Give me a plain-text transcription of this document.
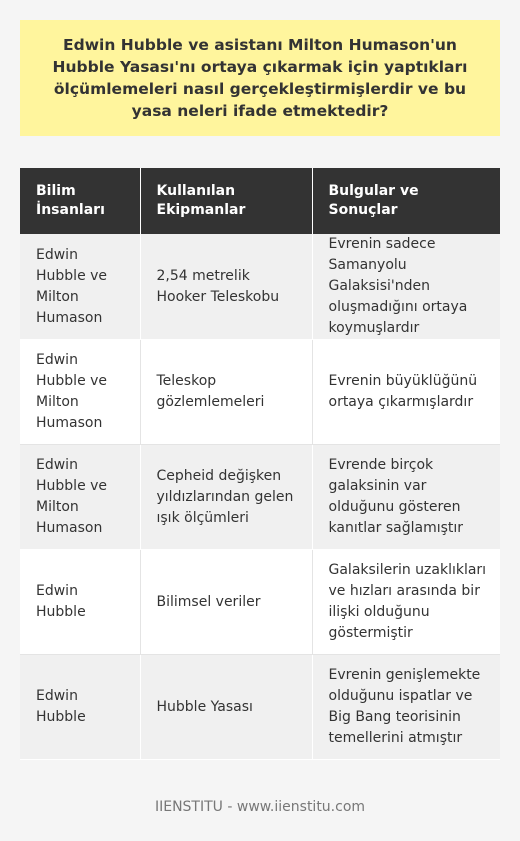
Edwin Hubble ve asistanı Milton Humason'un Hubble Yasası'nı ortaya çıkarmak için yaptıkları ölçümlemeleri nasıl gerçekleştirmişlerdir ve bu yasa neleri ifade etmektedir?
Bilim İnsanları	Kullanılan Ekipmanlar	Bulgular ve Sonuçlar
Edwin Hubble ve Milton Humason	2,54 metrelik Hooker Teleskobu	Evrenin sadece Samanyolu Galaksisi'nden oluşmadığını ortaya koymuşlardır
Edwin Hubble ve Milton Humason	Teleskop gözlemlemeleri	Evrenin büyüklüğünü ortaya çıkarmışlardır
Edwin Hubble ve Milton Humason	Cepheid değişken yıldızlarından gelen ışık ölçümleri	Evrende birçok galaksinin var olduğunu gösteren kanıtlar sağlamıştır
Edwin Hubble	Bilimsel veriler	Galaksilerin uzaklıkları ve hızları arasında bir ilişki olduğunu göstermiştir
Edwin Hubble	Hubble Yasası	Evrenin genişlemekte olduğunu ispatlar ve Big Bang teorisinin temellerini atmıştır
IIENSTITU - www.iienstitu.com
